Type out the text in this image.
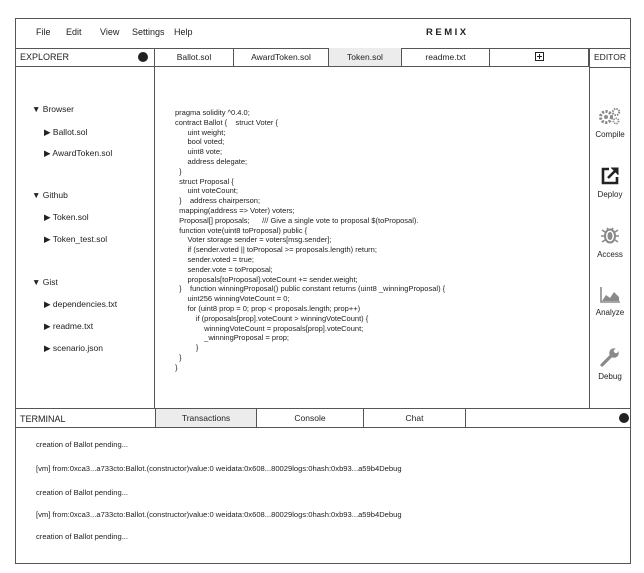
File Edit View Settings Help	REMIX
EXPLORER
•••
▼ Browser
▶ Ballot.sol
▶ AwardToken.sol
▼ Github
▶ Token.sol
▶ Token_test.sol
▼ Gist
▶ dependencies.txt
▶ readme.txt
▶ scenario.json
Ballot.sol	AwardToken.sol	Token.sol	readme.txt
pragma solidity ^0.4.0;
contract Ballot {    struct Voter {
uint weight;
bool voted;
uint8 vote;
address delegate;
}
struct Proposal {
uint voteCount;
}    address chairperson;
mapping(address => Voter) voters;
Proposal[] proposals;      /// Give a single vote to proposal $(toProposal).
function vote(uint8 toProposal) public {
Voter storage sender = voters[msg.sender];
if (sender.voted || toProposal >= proposals.length) return;
sender.voted = true;
sender.vote = toProposal;
proposals[toProposal].voteCount += sender.weight;
}    function winningProposal() public constant returns (uint8 _winningProposal) {
uint256 winningVoteCount = 0;
for (uint8 prop = 0; prop < proposals.length; prop++)
if (proposals[prop].voteCount > winningVoteCount) {
winningVoteCount = proposals[prop].voteCount;
_winningProposal = prop;
}
}
}
EDITOR
Compile
Deploy
Access
Analyze
Debug
TERMINAL	Transactions	Console	Chat
•••
creation of Ballot pending...
[vm] from:0xca3...a733cto:Ballot.(constructor)value:0 weidata:0x608...80029logs:0hash:0xb93...a59b4Debug
creation of Ballot pending...
[vm] from:0xca3...a733cto:Ballot.(constructor)value:0 weidata:0x608...80029logs:0hash:0xb93...a59b4Debug
creation of Ballot pending...
